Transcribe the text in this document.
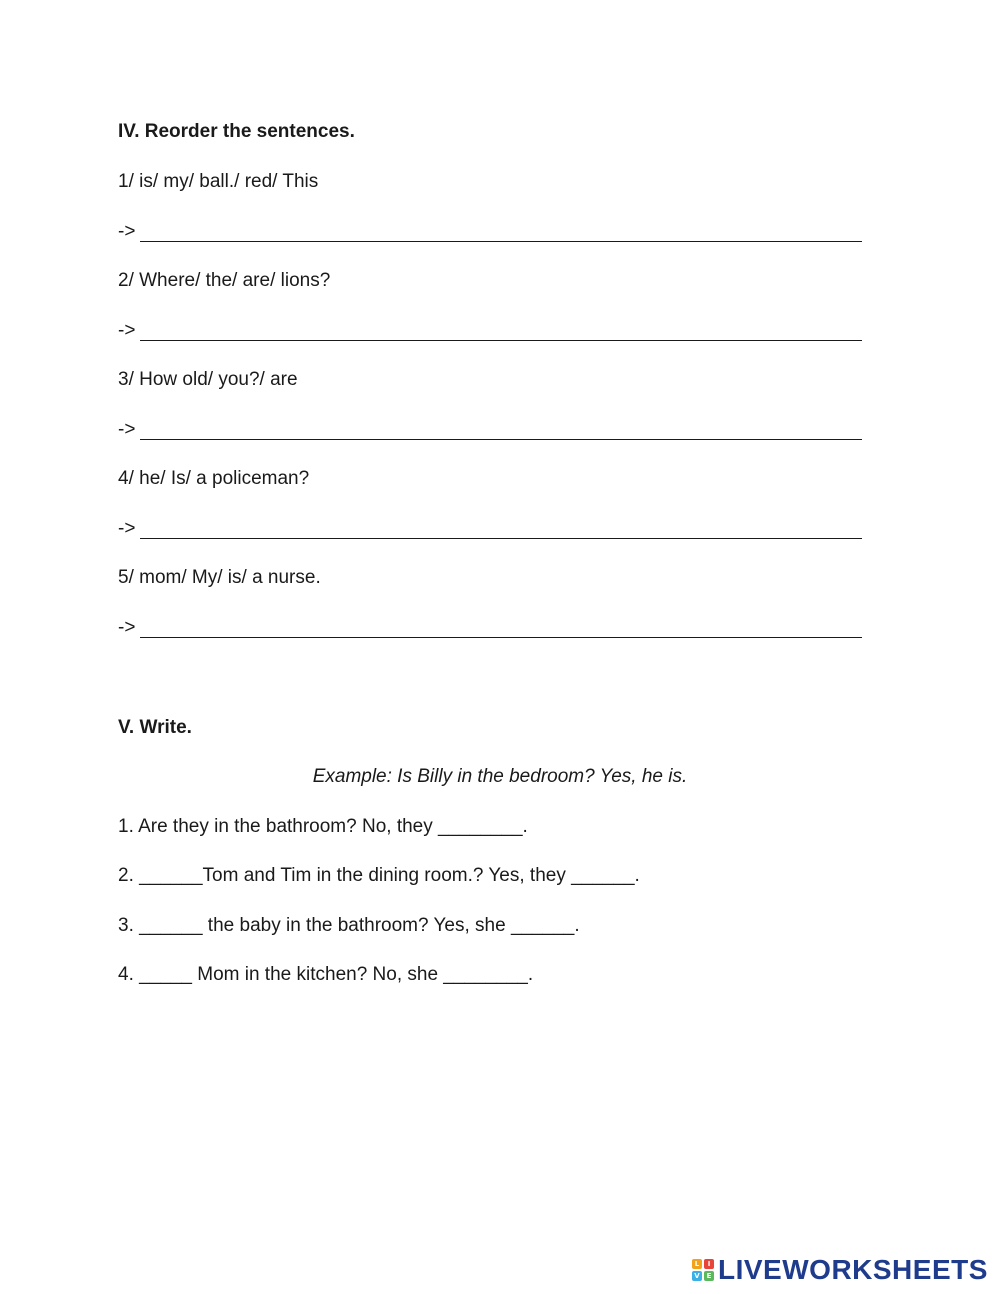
IV. Reorder the sentences.
1/ is/ my/ ball./ red/ This
->
2/ Where/ the/ are/ lions?
->
3/ How old/ you?/ are
->
4/ he/ Is/ a policeman?
->
5/ mom/ My/ is/ a nurse.
->
V. Write.
Example: Is Billy in the bedroom? Yes, he is.
1. Are they in the bathroom? No, they ________.
2. ______Tom and Tim in the dining room.? Yes, they ______.
3. ______ the baby in the bathroom? Yes, she ______.
4. _____ Mom in the kitchen? No, she ________.
L	I
V E LIVEWORKSHEETS
